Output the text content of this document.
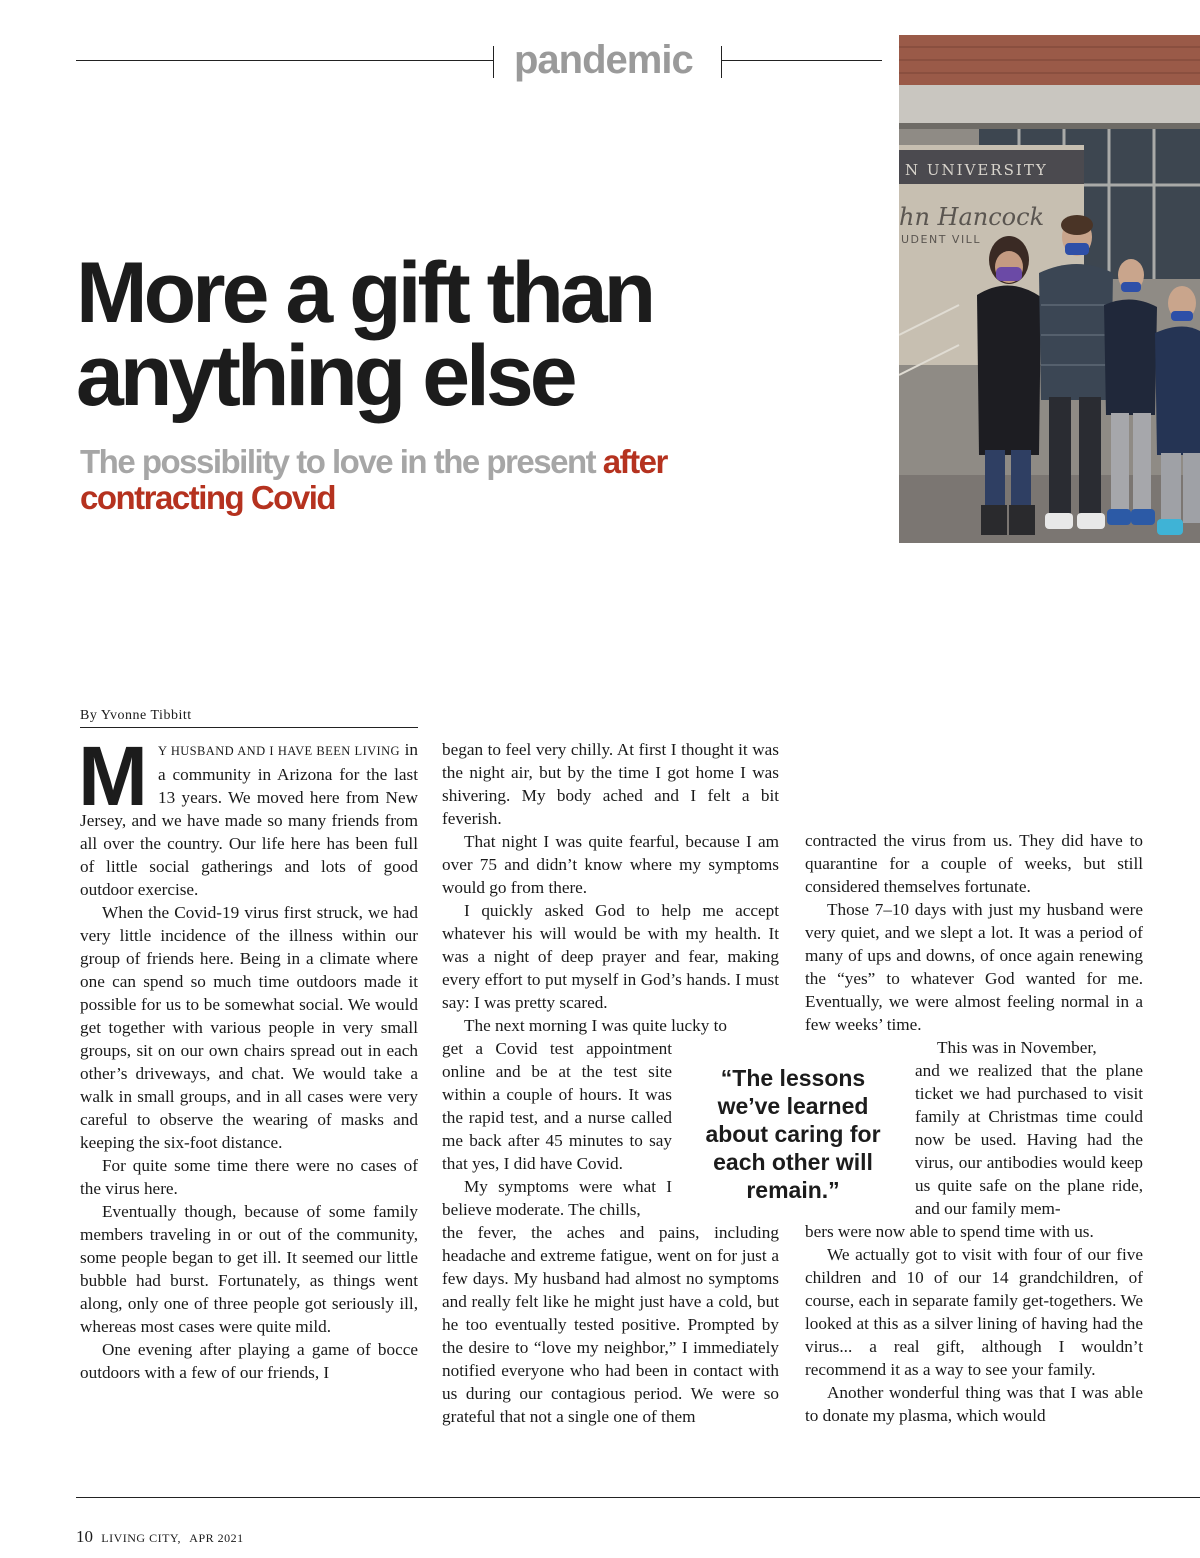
pandemic
N UNIVERSITY
hn Hancock
UDENT VILL
More a gift than
anything else
The possibility to love in the present after contracting Covid
By Yvonne Tibbitt

MY HUSBAND AND I HAVE BEEN LIVING in a community in Arizona for the last 13 years. We moved here from New Jersey, and we have made so many friends from all over the country. Our life here has been full of little social gatherings and lots of good outdoor exercise.

When the Covid-19 virus first struck, we had very little incidence of the illness within our group of friends here. Being in a climate where one can spend so much time outdoors made it possible for us to be somewhat social. We would get together with various people in very small groups, sit on our own chairs spread out in each other’s driveways, and chat. We would take a walk in small groups, and in all cases were very careful to observe the wearing of masks and keeping the six-foot distance.

For quite some time there were no cases of the virus here.

Eventually though, because of some family members traveling in or out of the community, some people began to get ill. It seemed our little bubble had burst. Fortunately, as things went along, only one of three people got seriously ill, whereas most cases were quite mild.

One evening after playing a game of bocce outdoors with a few of our friends, I

began to feel very chilly. At first I thought it was the night air, but by the time I got home I was shivering. My body ached and I felt a bit feverish.

That night I was quite fearful, because I am over 75 and didn’t know where my symptoms would go from there.

I quickly asked God to help me accept whatever his will would be with my health. It was a night of deep prayer and fear, making every effort to put myself in God’s hands. I must say: I was pretty scared.

The next morning I was quite lucky to

get a Covid test appointment online and be at the test site within a couple of hours. It was the rapid test, and a nurse called me back after 45 minutes to say that yes, I did have Covid.

My symptoms were what I believe moderate. The chills,

the fever, the aches and pains, including headache and extreme fatigue, went on for just a few days. My husband had almost no symptoms and really felt like he might just have a cold, but he too eventually tested positive. Prompted by the desire to “love my neighbor,” I immediately notified everyone who had been in contact with us during our contagious period. We were so grateful that not a single one of them

contracted the virus from us. They did have to quarantine for a couple of weeks, but still considered themselves fortunate.

Those 7–10 days with just my husband were very quiet, and we slept a lot. It was a period of many of ups and downs, of once again renewing the “yes” to whatever God wanted for me. Eventually, we were almost feeling normal in a few weeks’ time.

This was in November,

and we realized that the plane ticket we had purchased to visit family at Christmas time could now be used. Having had the virus, our antibodies would keep us quite safe on the plane ride, and our family mem-

bers were now able to spend time with us.

We actually got to visit with four of our five children and 10 of our 14 grandchildren, of course, each in separate family get-togethers. We looked at this as a silver lining of having had the virus... a real gift, although I wouldn’t recommend it as a way to see your family.

Another wonderful thing was that I was able to donate my plasma, which would

“The lessons we’ve learned about caring for each other will remain.”
10 LIVING CITY, APR 2021
